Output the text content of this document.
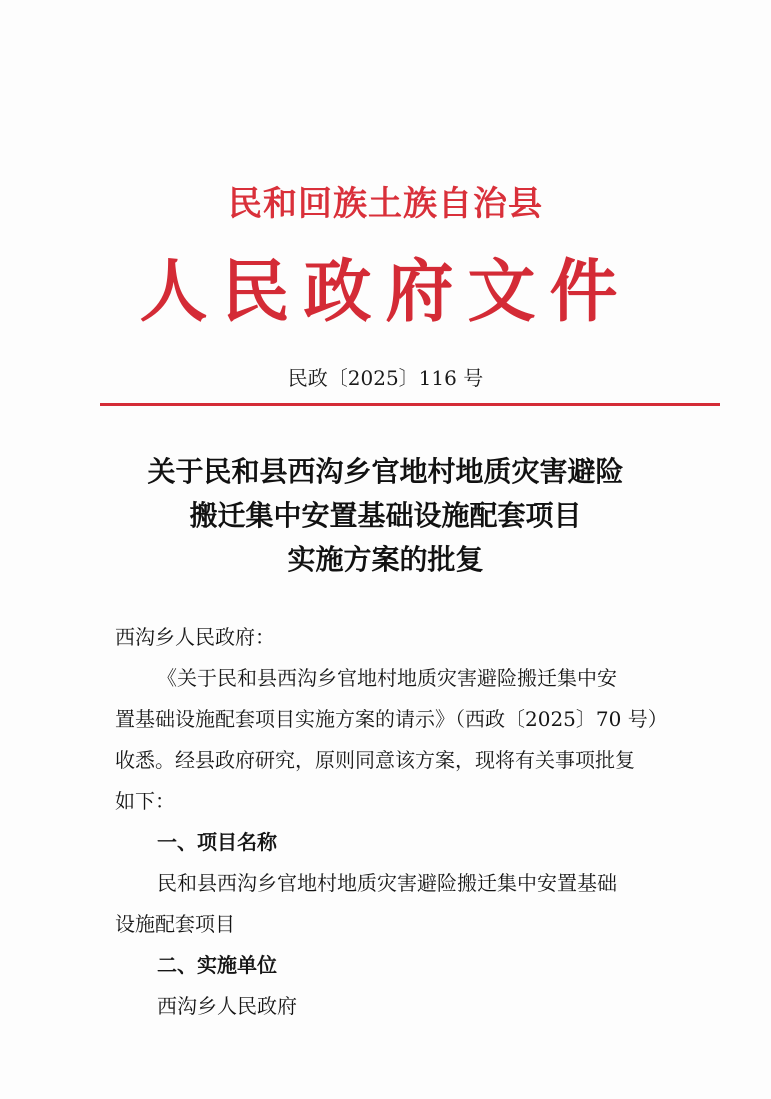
民和回族土族自治县
人民政府文件
民政〔2025〕116 号
关于民和县西沟乡官地村地质灾害避险
搬迁集中安置基础设施配套项目
实施方案的批复

西沟乡人民政府：

《关于民和县西沟乡官地村地质灾害避险搬迁集中安

置基础设施配套项目实施方案的请示》（西政〔2025〕70 号）

收悉。经县政府研究，原则同意该方案，现将有关事项批复

如下：

一、项目名称

民和县西沟乡官地村地质灾害避险搬迁集中安置基础

设施配套项目

二、实施单位

西沟乡人民政府
